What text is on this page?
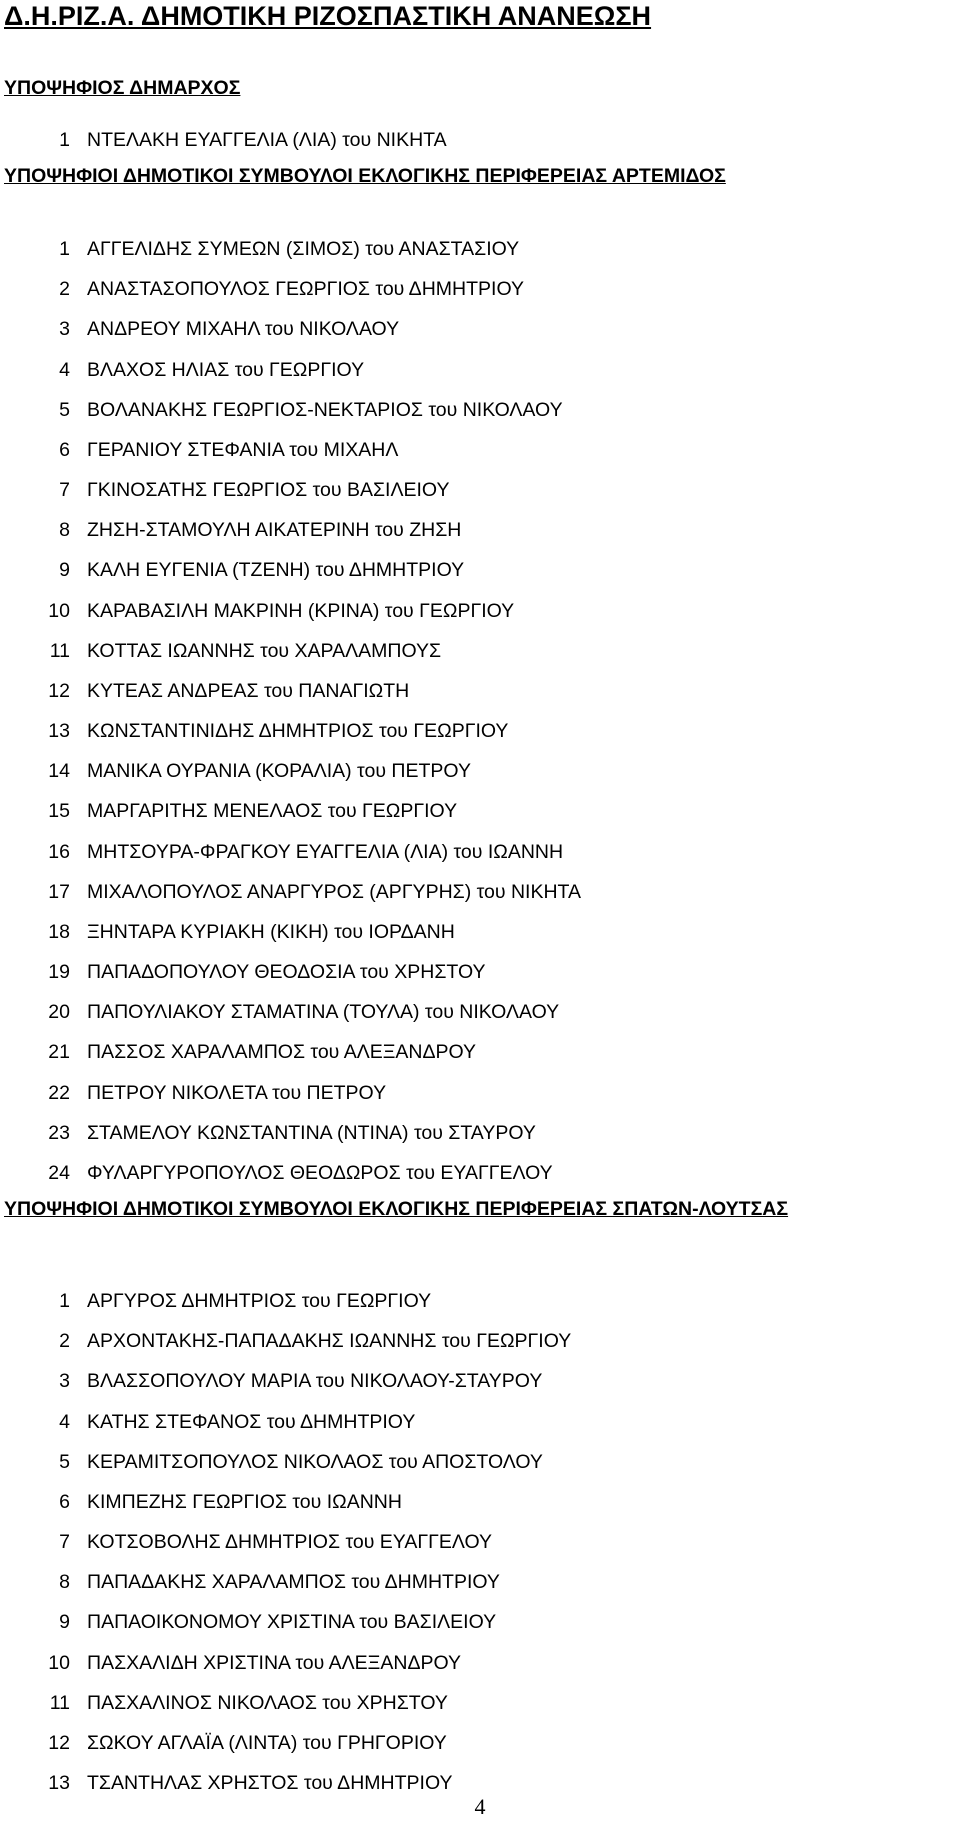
Δ.Η.ΡΙΖ.Α. ΔΗΜΟΤΙΚΗ ΡΙΖΟΣΠΑΣΤΙΚΗ ΑΝΑΝΕΩΣΗ
ΥΠΟΨΗΦΙΟΣ ΔΗΜΑΡΧΟΣ
1 ΝΤΕΛΑΚΗ ΕΥΑΓΓΕΛΙΑ (ΛΙΑ) του ΝΙΚΗΤΑ
ΥΠΟΨΗΦΙΟΙ ΔΗΜΟΤΙΚΟΙ ΣΥΜΒΟΥΛΟΙ ΕΚΛΟΓΙΚΗΣ ΠΕΡΙΦΕΡΕΙΑΣ ΑΡΤΕΜΙΔΟΣ
1 ΑΓΓΕΛΙΔΗΣ ΣΥΜΕΩΝ (ΣΙΜΟΣ) του ΑΝΑΣΤΑΣΙΟΥ
2 ΑΝΑΣΤΑΣΟΠΟΥΛΟΣ ΓΕΩΡΓΙΟΣ του ΔΗΜΗΤΡΙΟΥ
3 ΑΝΔΡΕΟΥ ΜΙΧΑΗΛ του ΝΙΚΟΛΑΟΥ
4 ΒΛΑΧΟΣ ΗΛΙΑΣ του ΓΕΩΡΓΙΟΥ
5 ΒΟΛΑΝΑΚΗΣ ΓΕΩΡΓΙΟΣ-ΝΕΚΤΑΡΙΟΣ του ΝΙΚΟΛΑΟΥ
6 ΓΕΡΑΝΙΟΥ ΣΤΕΦΑΝΙΑ του ΜΙΧΑΗΛ
7 ΓΚΙΝΟΣΑΤΗΣ ΓΕΩΡΓΙΟΣ του ΒΑΣΙΛΕΙΟΥ
8 ΖΗΣΗ-ΣΤΑΜΟΥΛΗ ΑΙΚΑΤΕΡΙΝΗ του ΖΗΣΗ
9 ΚΑΛΗ ΕΥΓΕΝΙΑ (ΤΖΕΝΗ) του ΔΗΜΗΤΡΙΟΥ
10 ΚΑΡΑΒΑΣΙΛΗ ΜΑΚΡΙΝΗ (ΚΡΙΝΑ) του ΓΕΩΡΓΙΟΥ
11 ΚΟΤΤΑΣ ΙΩΑΝΝΗΣ του ΧΑΡΑΛΑΜΠΟΥΣ
12 ΚΥΤΕΑΣ ΑΝΔΡΕΑΣ του ΠΑΝΑΓΙΩΤΗ
13 ΚΩΝΣΤΑΝΤΙΝΙΔΗΣ ΔΗΜΗΤΡΙΟΣ του ΓΕΩΡΓΙΟΥ
14 ΜΑΝΙΚΑ ΟΥΡΑΝΙΑ (ΚΟΡΑΛΙΑ) του ΠΕΤΡΟΥ
15 ΜΑΡΓΑΡΙΤΗΣ ΜΕΝΕΛΑΟΣ του ΓΕΩΡΓΙΟΥ
16 ΜΗΤΣΟΥΡΑ-ΦΡΑΓΚΟΥ ΕΥΑΓΓΕΛΙΑ (ΛΙΑ) του ΙΩΑΝΝΗ
17 ΜΙΧΑΛΟΠΟΥΛΟΣ ΑΝΑΡΓΥΡΟΣ (ΑΡΓΥΡΗΣ) του ΝΙΚΗΤΑ
18 ΞΗΝΤΑΡΑ ΚΥΡΙΑΚΗ (ΚΙΚΗ) του ΙΟΡΔΑΝΗ
19 ΠΑΠΑΔΟΠΟΥΛΟΥ ΘΕΟΔΟΣΙΑ του ΧΡΗΣΤΟΥ
20 ΠΑΠΟΥΛΙΑΚΟΥ ΣΤΑΜΑΤΙΝΑ (ΤΟΥΛΑ) του ΝΙΚΟΛΑΟΥ
21 ΠΑΣΣΟΣ ΧΑΡΑΛΑΜΠΟΣ του ΑΛΕΞΑΝΔΡΟΥ
22 ΠΕΤΡΟΥ ΝΙΚΟΛΕΤΑ του ΠΕΤΡΟΥ
23 ΣΤΑΜΕΛΟΥ ΚΩΝΣΤΑΝΤΙΝΑ (ΝΤΙΝΑ) του ΣΤΑΥΡΟΥ
24 ΦΥΛΑΡΓΥΡΟΠΟΥΛΟΣ ΘΕΟΔΩΡΟΣ του ΕΥΑΓΓΕΛΟΥ
ΥΠΟΨΗΦΙΟΙ ΔΗΜΟΤΙΚΟΙ ΣΥΜΒΟΥΛΟΙ ΕΚΛΟΓΙΚΗΣ ΠΕΡΙΦΕΡΕΙΑΣ ΣΠΑΤΩΝ-ΛΟΥΤΣΑΣ
1 ΑΡΓΥΡΟΣ ΔΗΜΗΤΡΙΟΣ του ΓΕΩΡΓΙΟΥ
2 ΑΡΧΟΝΤΑΚΗΣ-ΠΑΠΑΔΑΚΗΣ ΙΩΑΝΝΗΣ του ΓΕΩΡΓΙΟΥ
3 ΒΛΑΣΣΟΠΟΥΛΟΥ ΜΑΡΙΑ του ΝΙΚΟΛΑΟΥ-ΣΤΑΥΡΟΥ
4 ΚΑΤΗΣ ΣΤΕΦΑΝΟΣ του ΔΗΜΗΤΡΙΟΥ
5 ΚΕΡΑΜΙΤΣΟΠΟΥΛΟΣ ΝΙΚΟΛΑΟΣ του ΑΠΟΣΤΟΛΟΥ
6 ΚΙΜΠΕΖΗΣ ΓΕΩΡΓΙΟΣ του ΙΩΑΝΝΗ
7 ΚΟΤΣΟΒΟΛΗΣ ΔΗΜΗΤΡΙΟΣ του ΕΥΑΓΓΕΛΟΥ
8 ΠΑΠΑΔΑΚΗΣ ΧΑΡΑΛΑΜΠΟΣ του ΔΗΜΗΤΡΙΟΥ
9 ΠΑΠΑΟΙΚΟΝΟΜΟΥ ΧΡΙΣΤΙΝΑ του ΒΑΣΙΛΕΙΟΥ
10 ΠΑΣΧΑΛΙΔΗ ΧΡΙΣΤΙΝΑ του ΑΛΕΞΑΝΔΡΟΥ
11 ΠΑΣΧΑΛΙΝΟΣ ΝΙΚΟΛΑΟΣ του ΧΡΗΣΤΟΥ
12 ΣΩΚΟΥ ΑΓΛΑΪΑ (ΛΙΝΤΑ) του ΓΡΗΓΟΡΙΟΥ
13 ΤΣΑΝΤΗΛΑΣ ΧΡΗΣΤΟΣ του ΔΗΜΗΤΡΙΟΥ
4
